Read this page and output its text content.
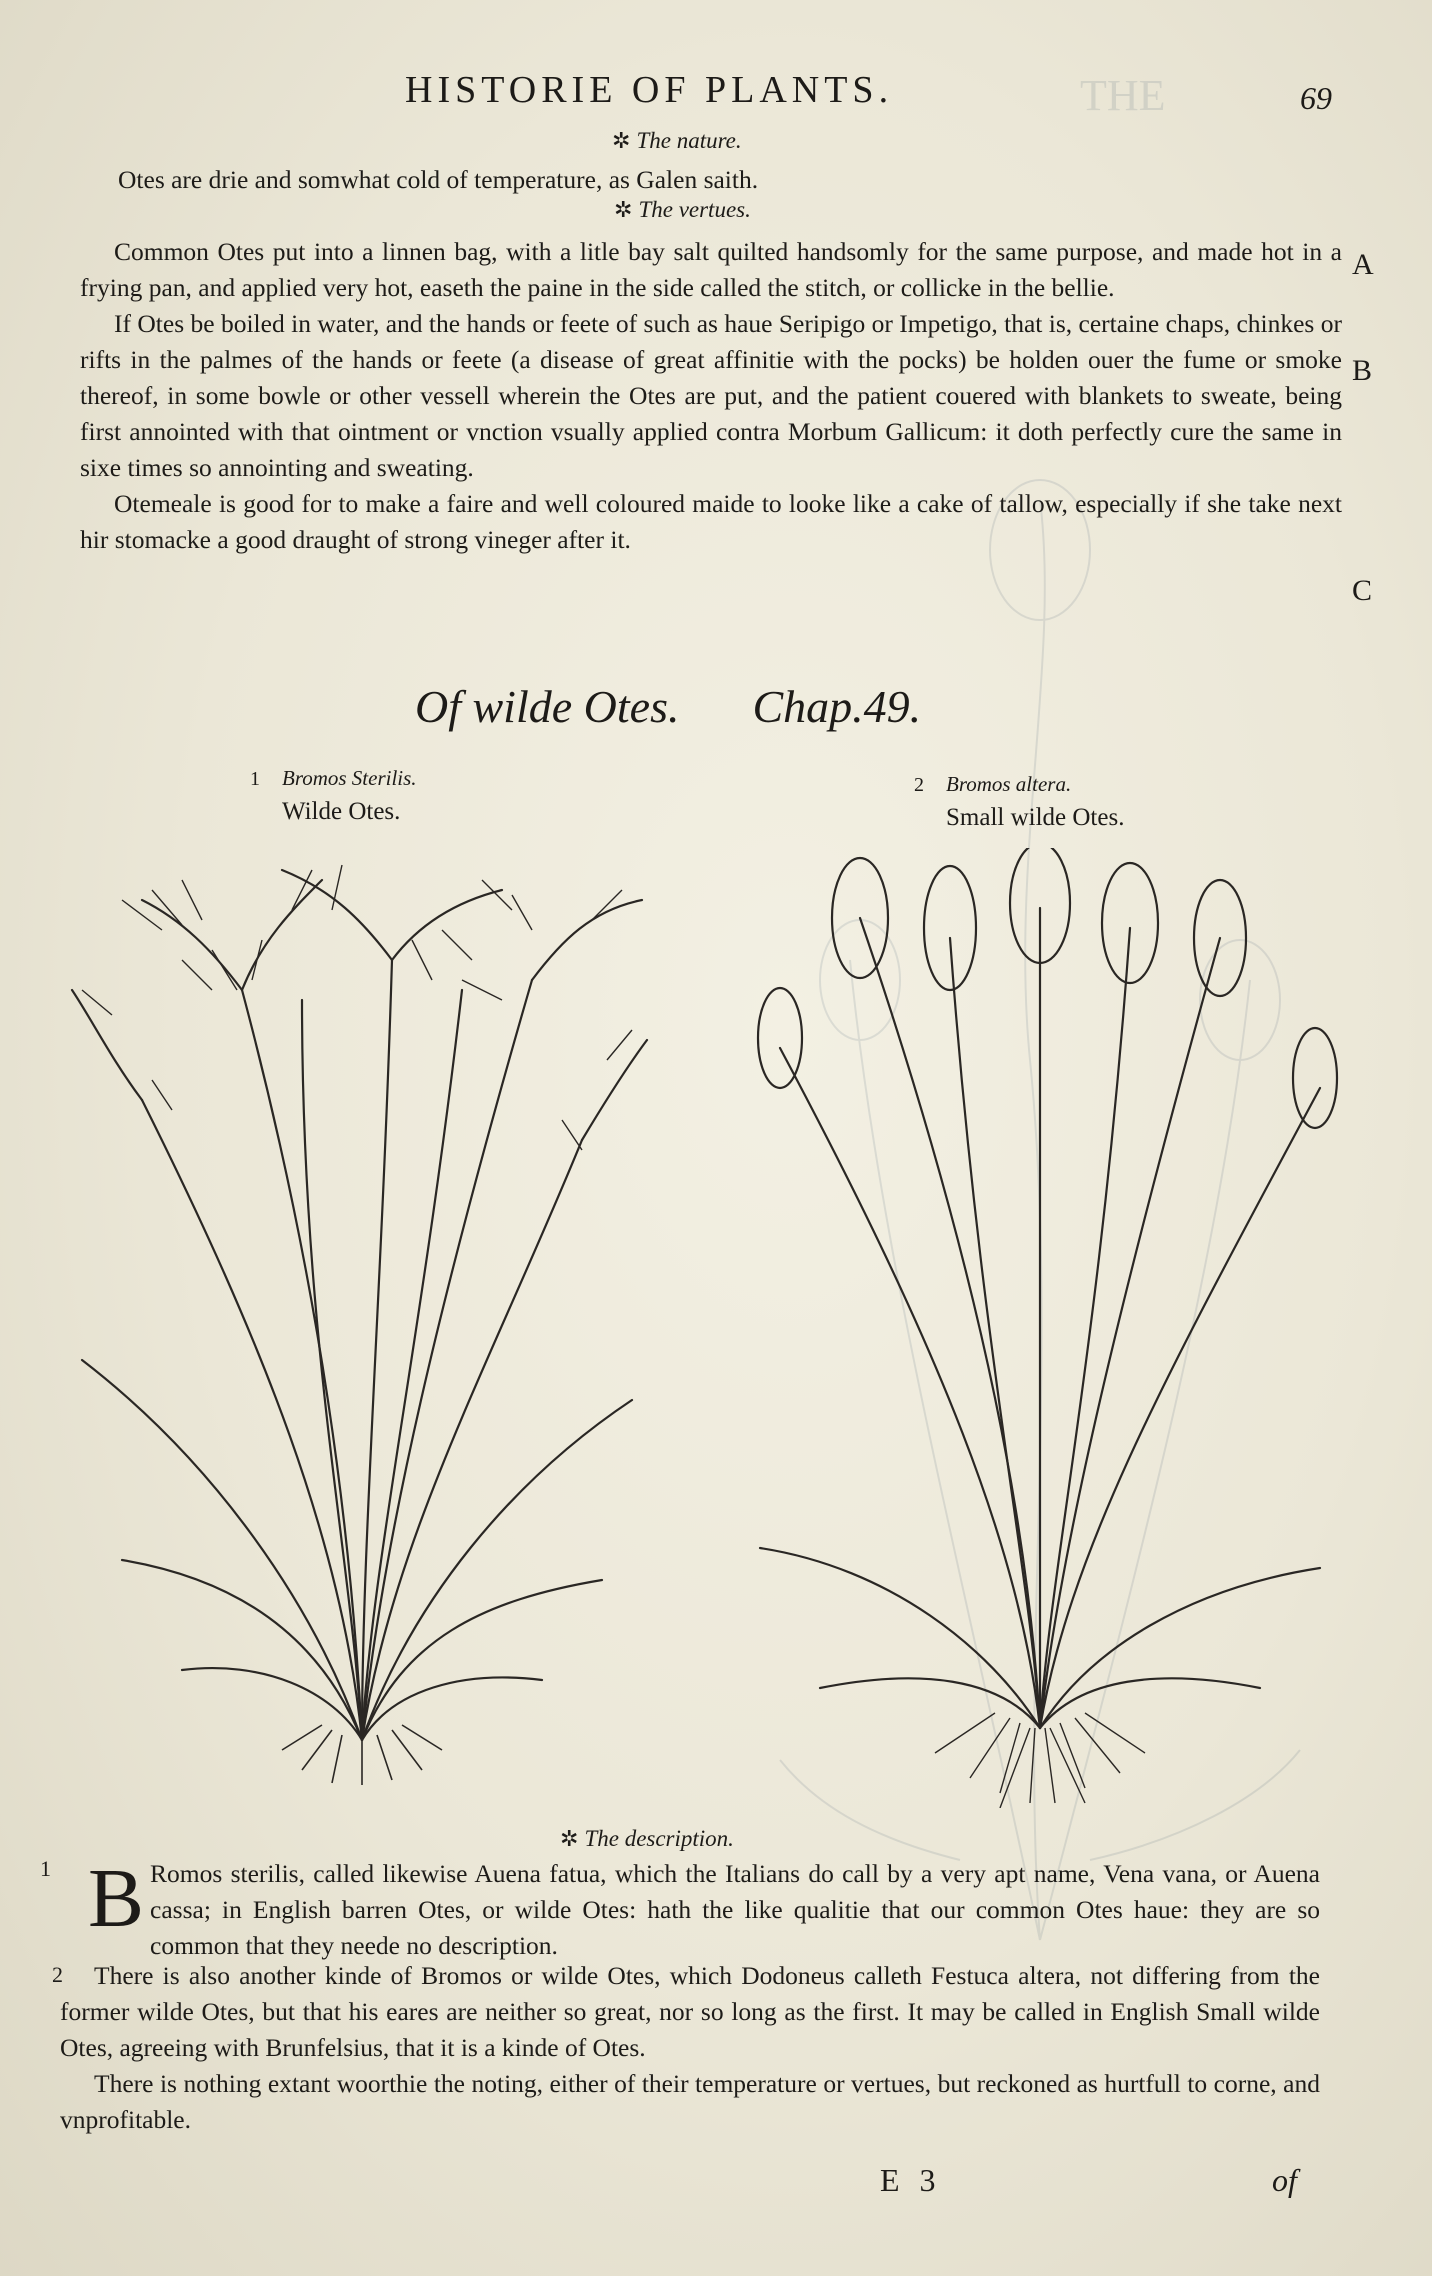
THE
HISTORIE OF PLANTS.	69
✲ The nature.
Otes are drie and somwhat cold of temperature, as Galen saith.
✲ The vertues.

Common Otes put into a linnen bag, with a litle bay salt quilted handsomly for the same purpose, and made hot in a frying pan, and applied very hot, easeth the paine in the side called the stitch, or collicke in the bellie.

If Otes be boiled in water, and the hands or feete of such as haue Seripigo or Impetigo, that is, certaine chaps, chinkes or rifts in the palmes of the hands or feete (a disease of great affinitie with the pocks) be holden ouer the fume or smoke thereof, in some bowle or other vessell wherein the Otes are put, and the patient couered with blankets to sweate, being first annointed with that ointment or vnction vsually applied contra Morbum Gallicum: it doth perfectly cure the same in sixe times so annointing and sweating.

Otemeale is good for to make a faire and well coloured maide to looke like a cake of tallow, especially if she take next hir stomacke a good draught of strong vineger after it.

A
B
C
Of wilde Otes. Chap.49.
1 Bromos Sterilis.
Wilde Otes.
2 Bromos altera.
Small wilde Otes.
✲ The description.
1 B Romos sterilis, called likewise Auena fatua, which the Italians do call by a very apt name, Vena vana, or Auena cassa; in English barren Otes, or wilde Otes: hath the like qualitie that our common Otes haue: they are so common that they neede no description.

2	There is also another kinde of Bromos or wilde Otes, which Dodoneus calleth Festuca altera, not differing from the former wilde Otes, but that his eares are neither so great, nor so long as the first. It may be called in English Small wilde Otes, agreeing with Brunfelsius, that it is a kinde of Otes.

There is nothing extant woorthie the noting, either of their temperature or vertues, but reckoned as hurtfull to corne, and vnprofitable.

E 3	of
